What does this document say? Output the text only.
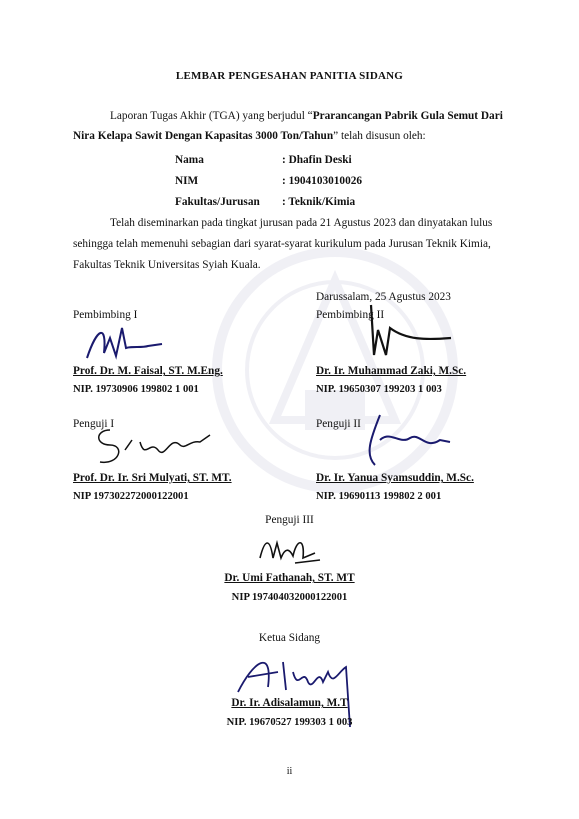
LEMBAR PENGESAHAN PANITIA SIDANG
Laporan Tugas Akhir (TGA) yang berjudul “Prarancangan Pabrik Gula Semut Dari
Nira Kelapa Sawit Dengan Kapasitas 3000 Ton/Tahun” telah disusun oleh:
Nama	: Dhafin Deski
NIM	: 1904103010026
Fakultas/Jurusan : Teknik/Kimia
Telah diseminarkan pada tingkat jurusan pada 21 Agustus 2023 dan dinyatakan lulus
sehingga telah memenuhi sebagian dari syarat-syarat kurikulum pada Jurusan Teknik Kimia,
Fakultas Teknik Universitas Syiah Kuala.
Darussalam, 25 Agustus 2023
Pembimbing I
Prof. Dr. M. Faisal, ST. M.Eng.
NIP. 19730906 199802 1 001
Pembimbing II
Dr. Ir. Muhammad Zaki, M.Sc.
NIP. 19650307 199203 1 003
Penguji I
Prof. Dr. Ir. Sri Mulyati, ST. MT.
NIP 197302272000122001
Penguji II
Dr. Ir. Yanua Syamsuddin, M.Sc.
NIP. 19690113 199802 2 001
Penguji III
Dr. Umi Fathanah, ST. MT
NIP 197404032000122001
Ketua Sidang
Dr. Ir. Adisalamun, M.T
NIP. 19670527 199303 1 003
ii
